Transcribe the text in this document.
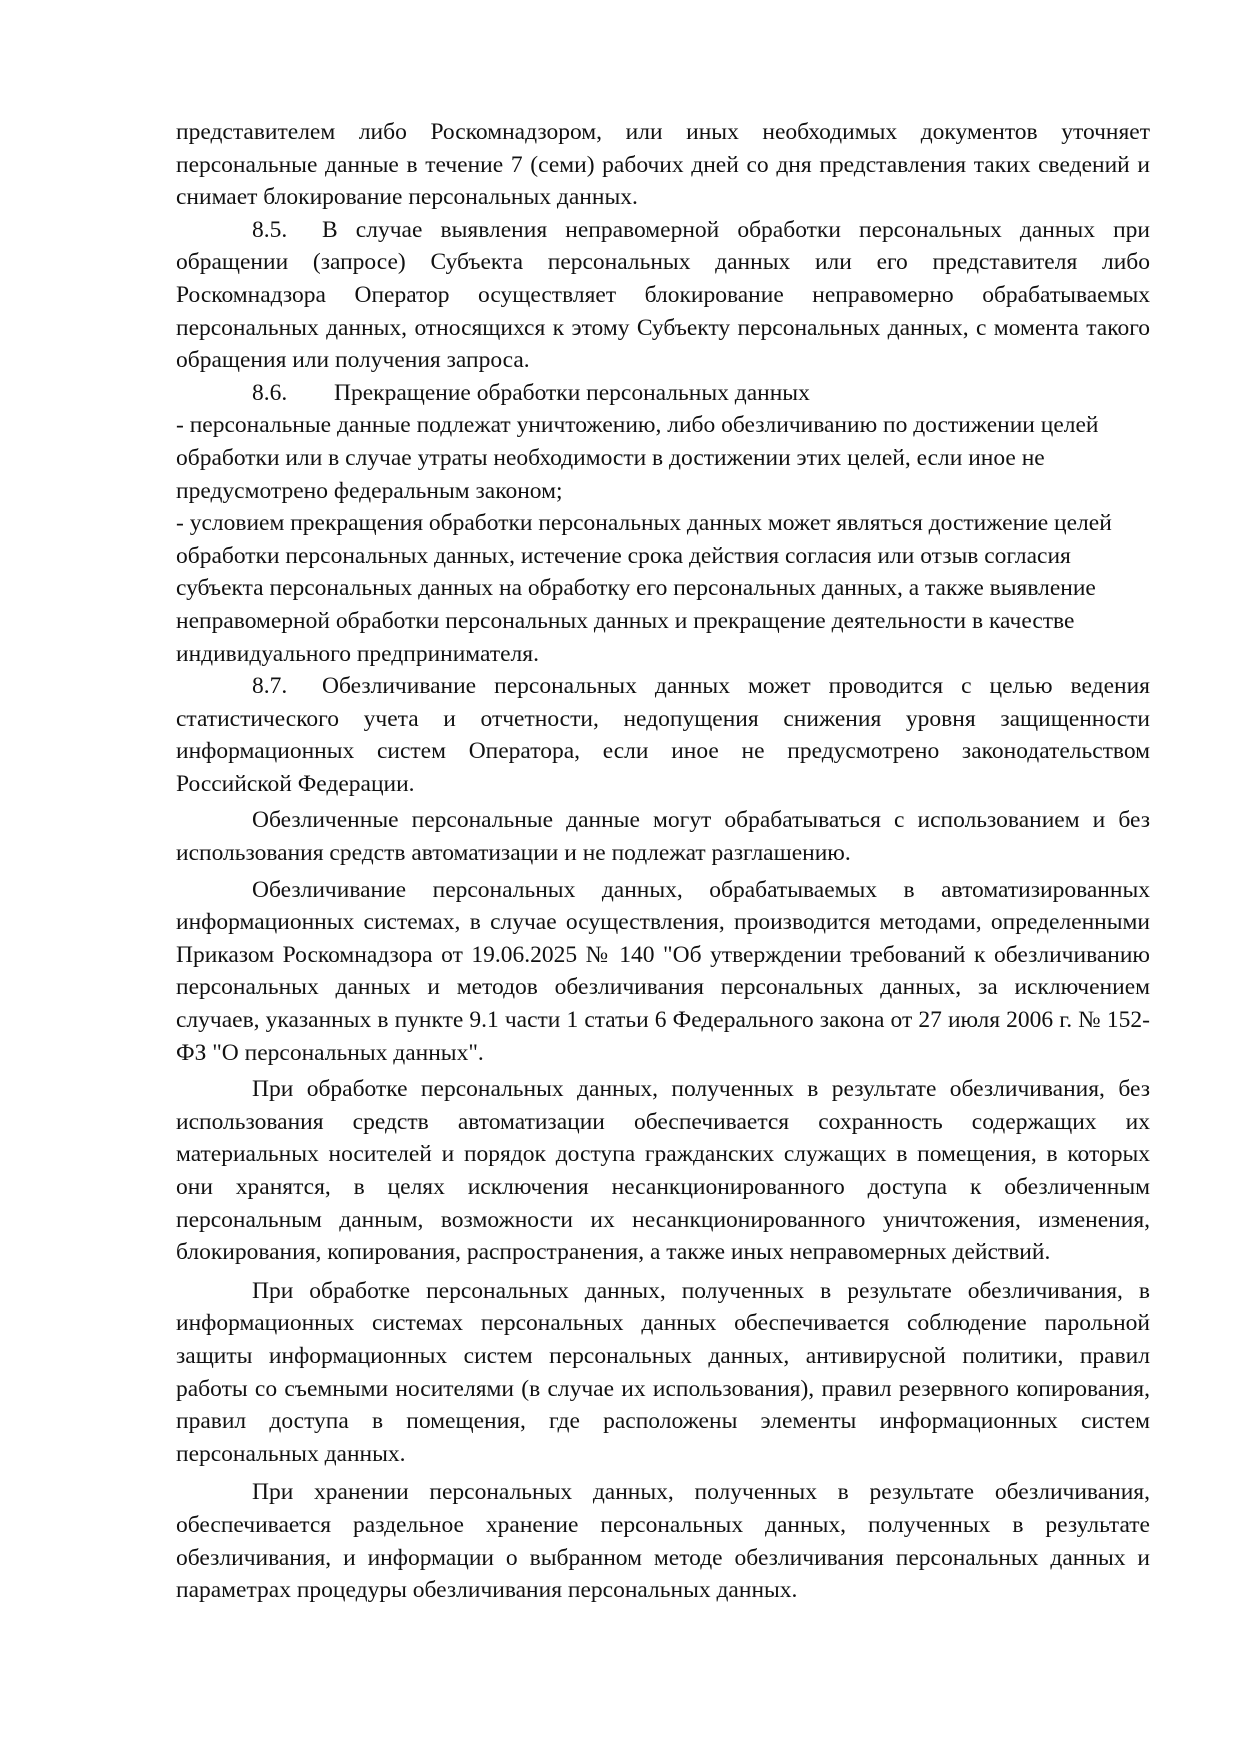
представителем либо Роскомнадзором, или иных необходимых документов уточняет персональные данные в течение 7 (семи) рабочих дней со дня представления таких сведений и снимает блокирование персональных данных.

8.5. В случае выявления неправомерной обработки персональных данных при обращении (запросе) Субъекта персональных данных или его представителя либо Роскомнадзора Оператор осуществляет блокирование неправомерно обрабатываемых персональных данных, относящихся к этому Субъекту персональных данных, с момента такого обращения или получения запроса.

8.6. Прекращение обработки персональных данных

- персональные данные подлежат уничтожению, либо обезличиванию по достижении целей обработки или в случае утраты необходимости в достижении этих целей, если иное не предусмотрено федеральным законом;

- условием прекращения обработки персональных данных может являться достижение целей обработки персональных данных, истечение срока действия согласия или отзыв согласия субъекта персональных данных на обработку его персональных данных, а также выявление неправомерной обработки персональных данных и прекращение деятельности в качестве индивидуального предпринимателя.

8.7. Обезличивание персональных данных может проводится с целью ведения статистического учета и отчетности, недопущения снижения уровня защищенности информационных систем Оператора, если иное не предусмотрено законодательством Российской Федерации.

Обезличенные персональные данные могут обрабатываться с использованием и без использования средств автоматизации и не подлежат разглашению.

Обезличивание персональных данных, обрабатываемых в автоматизированных информационных системах, в случае осуществления, производится методами, определенными Приказом Роскомнадзора от 19.06.2025 № 140 "Об утверждении требований к обезличиванию персональных данных и методов обезличивания персональных данных, за исключением случаев, указанных в пункте 9.1 части 1 статьи 6 Федерального закона от 27 июля 2006 г. № 152-ФЗ "О персональных данных".

При обработке персональных данных, полученных в результате обезличивания, без использования средств автоматизации обеспечивается сохранность содержащих их материальных носителей и порядок доступа гражданских служащих в помещения, в которых они хранятся, в целях исключения несанкционированного доступа к обезличенным персональным данным, возможности их несанкционированного уничтожения, изменения, блокирования, копирования, распространения, а также иных неправомерных действий.

При обработке персональных данных, полученных в результате обезличивания, в информационных системах персональных данных обеспечивается соблюдение парольной защиты информационных систем персональных данных, антивирусной политики, правил работы со съемными носителями (в случае их использования), правил резервного копирования, правил доступа в помещения, где расположены элементы информационных систем персональных данных.

При хранении персональных данных, полученных в результате обезличивания, обеспечивается раздельное хранение персональных данных, полученных в результате обезличивания, и информации о выбранном методе обезличивания персональных данных и параметрах процедуры обезличивания персональных данных.
